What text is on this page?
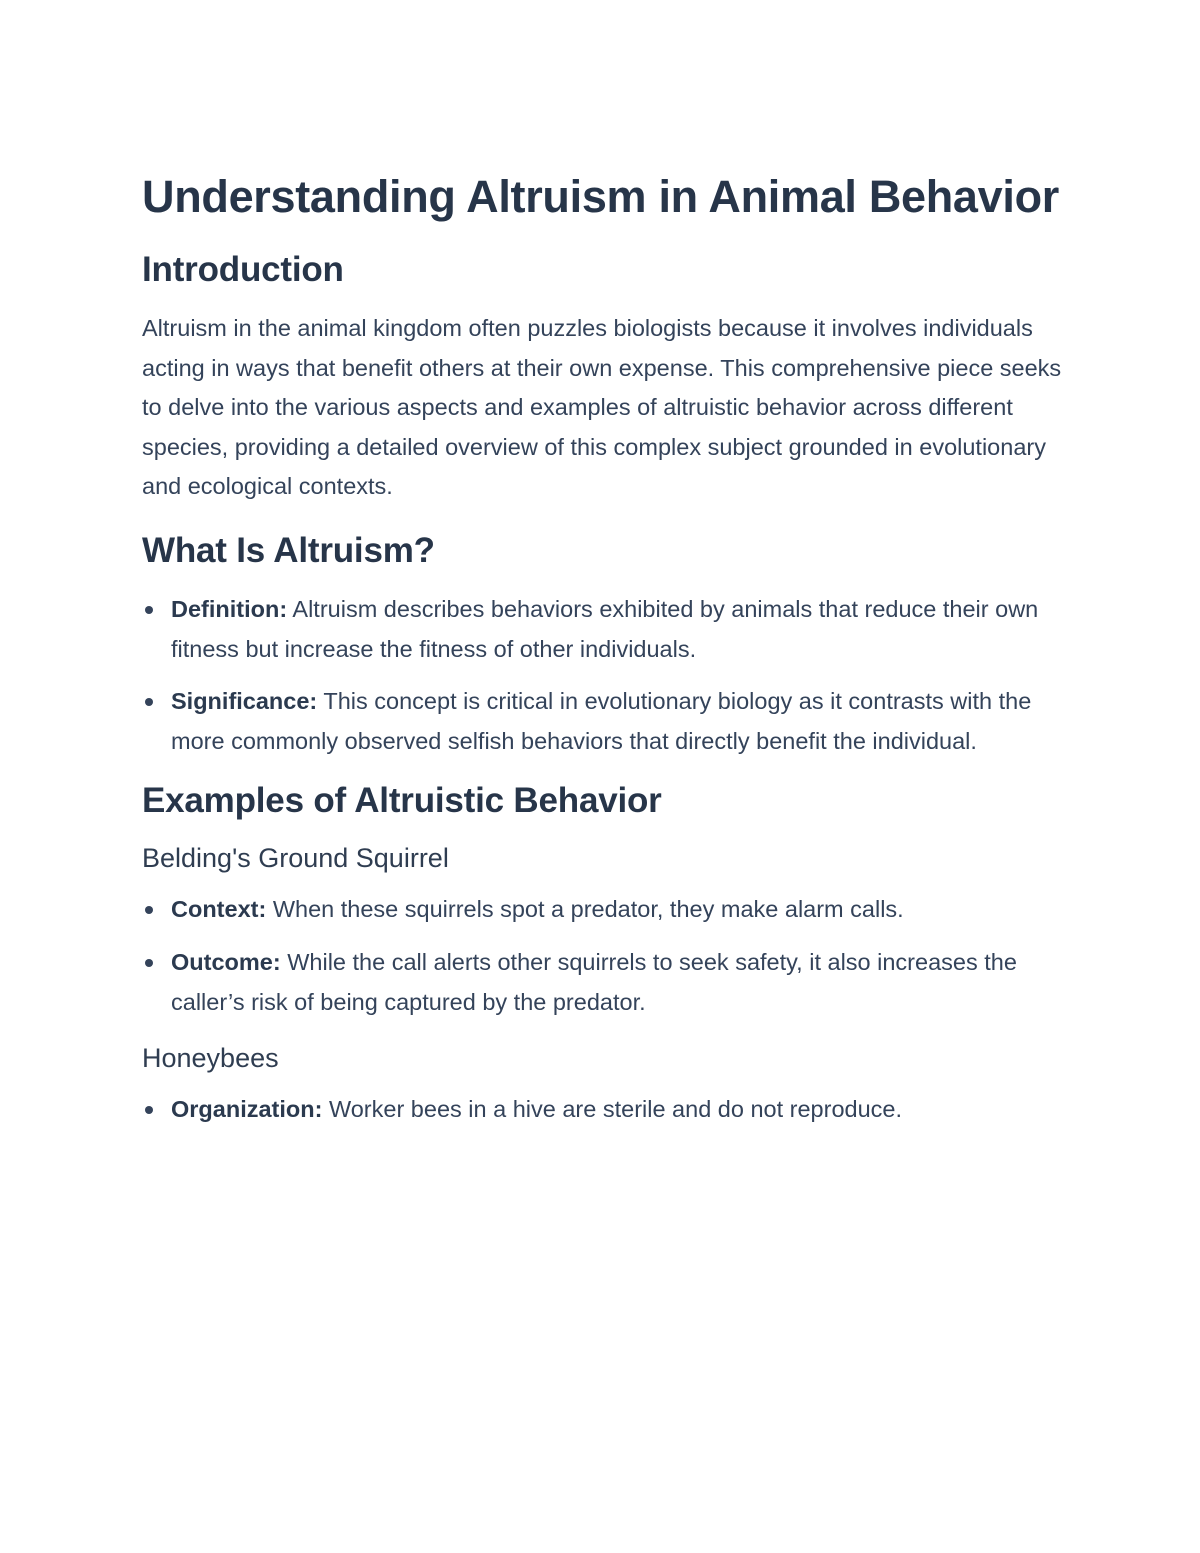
Understanding Altruism in Animal Behavior
Introduction

Altruism in the animal kingdom often puzzles biologists because it involves individuals acting in ways that benefit others at their own expense. This comprehensive piece seeks to delve into the various aspects and examples of altruistic behavior across different species, providing a detailed overview of this complex subject grounded in evolutionary and ecological contexts.

What Is Altruism?
Definition: Altruism describes behaviors exhibited by animals that reduce their own fitness but increase the fitness of other individuals.
Significance: This concept is critical in evolutionary biology as it contrasts with the more commonly observed selfish behaviors that directly benefit the individual.
Examples of Altruistic Behavior
Belding's Ground Squirrel
Context: When these squirrels spot a predator, they make alarm calls.
Outcome: While the call alerts other squirrels to seek safety, it also increases the caller’s risk of being captured by the predator.
Honeybees
Organization: Worker bees in a hive are sterile and do not reproduce.
